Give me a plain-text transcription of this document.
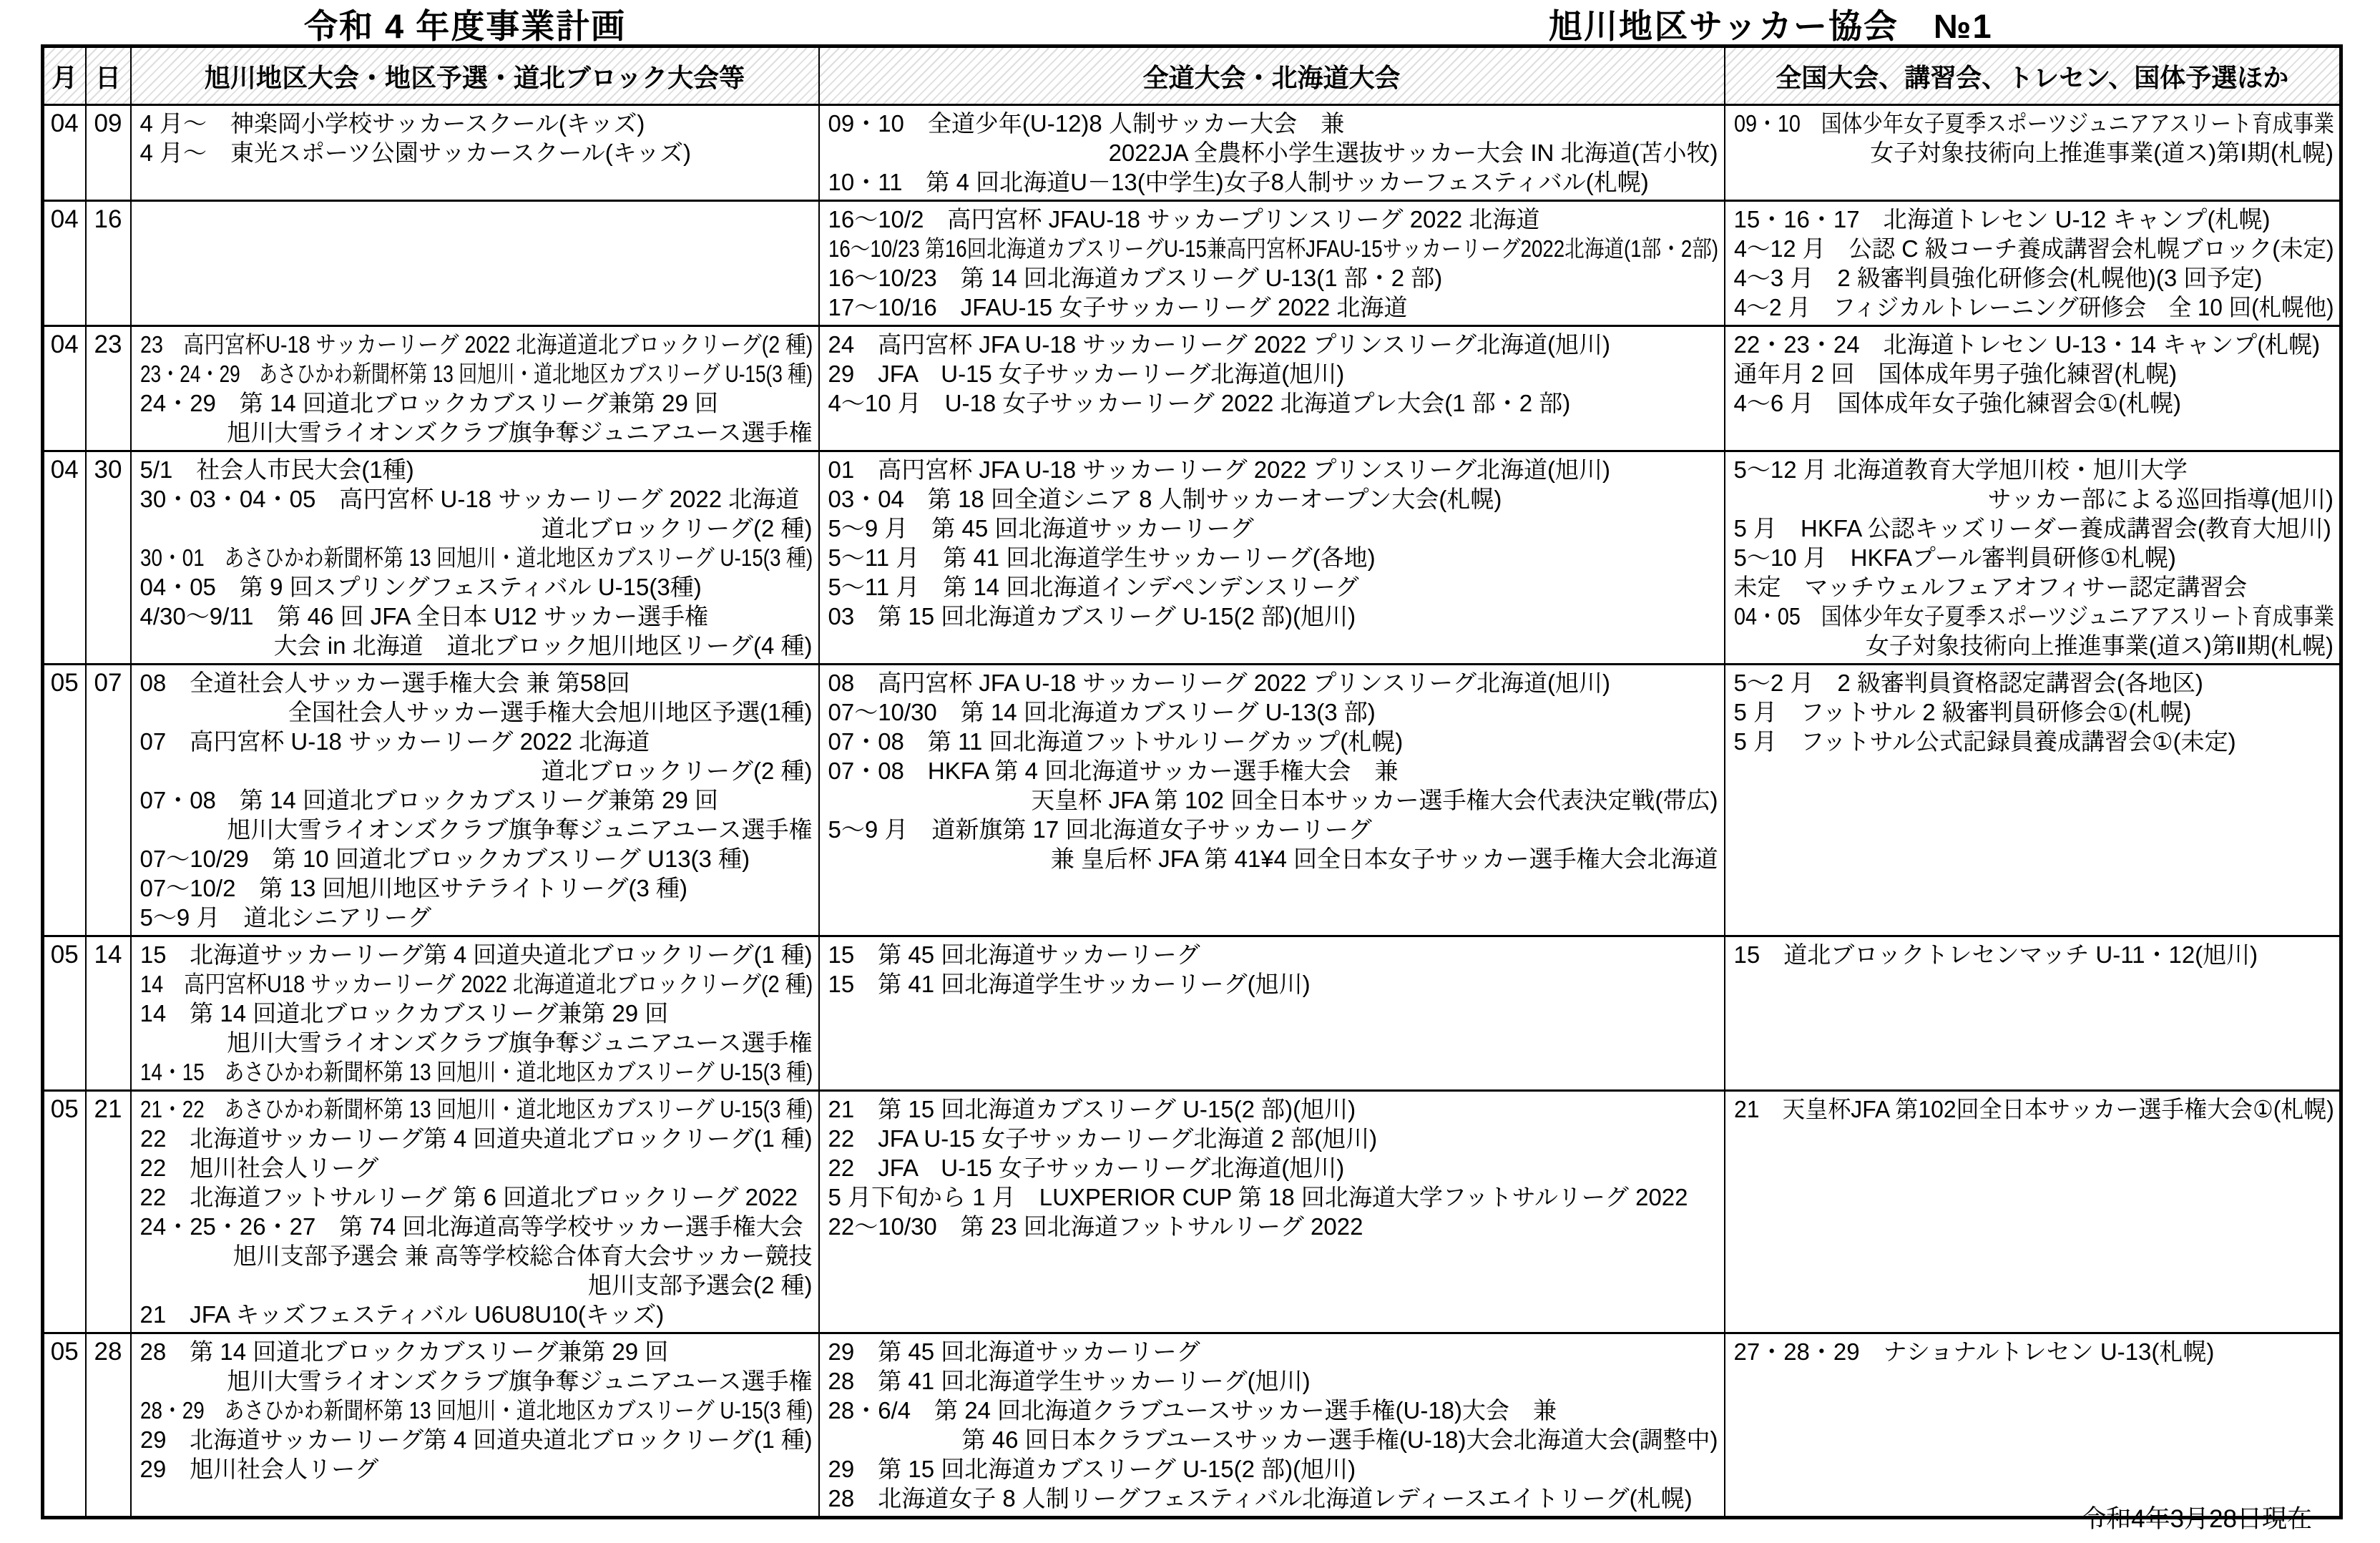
令和 4 年度事業計画	旭川地区サッカー協会　№1
月	日	旭川地区大会・地区予選・道北ブロック大会等	全道大会・北海道大会	全国大会、講習会、トレセン、国体予選ほか
04	09	4 月～　神楽岡小学校サッカースクール(キッズ)
4 月～　東光スポーツ公園サッカースクール(キッズ)

09・10　全道少年(U-12)8 人制サッカー大会　兼
2022JA 全農杯小学生選抜サッカー大会 IN 北海道(苫小牧)
10・11　第 4 回北海道U－13(中学生)女子8人制サッカーフェスティバル(札幌)

09・10　国体少年女子夏季スポーツジュニアアスリート育成事業
女子対象技術向上推進事業(道ス)第Ⅰ期(札幌)

04	16		16～10/2　高円宮杯 JFAU-18 サッカープリンスリーグ 2022 北海道
16～10/23 第16回北海道カブスリーグU-15兼高円宮杯JFAU-15サッカーリーグ2022北海道(1部・2部)
16～10/23　第 14 回北海道カブスリーグ U-13(1 部・2 部)
17～10/16　JFAU-15 女子サッカーリーグ 2022 北海道

15・16・17　北海道トレセン U-12 キャンプ(札幌)
4～12 月　公認 C 級コーチ養成講習会札幌ブロック(未定)
4～3 月　2 級審判員強化研修会(札幌他)(3 回予定)
4～2 月　フィジカルトレーニング研修会　全 10 回(札幌他)

04	23	23　高円宮杯U-18 サッカーリーグ 2022 北海道道北ブロックリーグ(2 種)
23・24・29　あさひかわ新聞杯第 13 回旭川・道北地区カブスリーグ U-15(3 種)
24・29　第 14 回道北ブロックカブスリーグ兼第 29 回
旭川大雪ライオンズクラブ旗争奪ジュニアユース選手権

24　高円宮杯 JFA U-18 サッカーリーグ 2022 プリンスリーグ北海道(旭川)
29　JFA　U-15 女子サッカーリーグ北海道(旭川)
4～10 月　U-18 女子サッカーリーグ 2022 北海道プレ大会(1 部・2 部)

22・23・24　北海道トレセン U-13・14 キャンプ(札幌)
通年月 2 回　国体成年男子強化練習(札幌)
4～6 月　国体成年女子強化練習会①(札幌)

04	30	5/1　社会人市民大会(1種)
30・03・04・05　高円宮杯 U-18 サッカーリーグ 2022 北海道
道北ブロックリーグ(2 種)
30・01　あさひかわ新聞杯第 13 回旭川・道北地区カブスリーグ U-15(3 種)
04・05　第 9 回スプリングフェスティバル U-15(3種)
4/30～9/11　第 46 回 JFA 全日本 U12 サッカー選手権
大会 in 北海道　道北ブロック旭川地区リーグ(4 種)

01　高円宮杯 JFA U-18 サッカーリーグ 2022 プリンスリーグ北海道(旭川)
03・04　第 18 回全道シニア 8 人制サッカーオープン大会(札幌)
5～9 月　第 45 回北海道サッカーリーグ
5～11 月　第 41 回北海道学生サッカーリーグ(各地)
5～11 月　第 14 回北海道インデペンデンスリーグ
03　第 15 回北海道カブスリーグ U-15(2 部)(旭川)

5～12 月 北海道教育大学旭川校・旭川大学
サッカー部による巡回指導(旭川)
5 月　HKFA 公認キッズリーダー養成講習会(教育大旭川)
5～10 月　HKFAプール審判員研修①札幌)
未定　マッチウェルフェアオフィサー認定講習会
04・05　国体少年女子夏季スポーツジュニアアスリート育成事業
女子対象技術向上推進事業(道ス)第Ⅱ期(札幌)

05	07	08　全道社会人サッカー選手権大会 兼 第58回
全国社会人サッカー選手権大会旭川地区予選(1種)
07　高円宮杯 U-18 サッカーリーグ 2022 北海道
道北ブロックリーグ(2 種)
07・08　第 14 回道北ブロックカブスリーグ兼第 29 回
旭川大雪ライオンズクラブ旗争奪ジュニアユース選手権
07～10/29　第 10 回道北ブロックカブスリーグ U13(3 種)
07～10/2　第 13 回旭川地区サテライトリーグ(3 種)
5～9 月　道北シニアリーグ

08　高円宮杯 JFA U-18 サッカーリーグ 2022 プリンスリーグ北海道(旭川)
07～10/30　第 14 回北海道カブスリーグ U-13(3 部)
07・08　第 11 回北海道フットサルリーグカップ(札幌)
07・08　HKFA 第 4 回北海道サッカー選手権大会　兼
天皇杯 JFA 第 102 回全日本サッカー選手権大会代表決定戦(帯広)
5～9 月　道新旗第 17 回北海道女子サッカーリーグ
兼 皇后杯 JFA 第 41¥4 回全日本女子サッカー選手権大会北海道

5～2 月　2 級審判員資格認定講習会(各地区)
5 月　フットサル 2 級審判員研修会①(札幌)
5 月　フットサル公式記録員養成講習会①(未定)

05	14	15　北海道サッカーリーグ第 4 回道央道北ブロックリーグ(1 種)
14　高円宮杯U18 サッカーリーグ 2022 北海道道北ブロックリーグ(2 種)
14　第 14 回道北ブロックカブスリーグ兼第 29 回
旭川大雪ライオンズクラブ旗争奪ジュニアユース選手権
14・15　あさひかわ新聞杯第 13 回旭川・道北地区カブスリーグ U-15(3 種)

15　第 45 回北海道サッカーリーグ
15　第 41 回北海道学生サッカーリーグ(旭川)

15　道北ブロックトレセンマッチ U-11・12(旭川)

05	21	21・22　あさひかわ新聞杯第 13 回旭川・道北地区カブスリーグ U-15(3 種)
22　北海道サッカーリーグ第 4 回道央道北ブロックリーグ(1 種)
22　旭川社会人リーグ
22　北海道フットサルリーグ 第 6 回道北ブロックリーグ 2022
24・25・26・27　第 74 回北海道高等学校サッカー選手権大会
旭川支部予選会 兼 高等学校総合体育大会サッカー競技
旭川支部予選会(2 種)
21　JFA キッズフェスティバル U6U8U10(キッズ)

21　第 15 回北海道カブスリーグ U-15(2 部)(旭川)
22　JFA U-15 女子サッカーリーグ北海道 2 部(旭川)
22　JFA　U-15 女子サッカーリーグ北海道(旭川)
5 月下旬から 1 月　LUXPERIOR CUP 第 18 回北海道大学フットサルリーグ 2022
22～10/30　第 23 回北海道フットサルリーグ 2022

21　天皇杯JFA 第102回全日本サッカー選手権大会①(札幌)

05	28	28　第 14 回道北ブロックカブスリーグ兼第 29 回
旭川大雪ライオンズクラブ旗争奪ジュニアユース選手権
28・29　あさひかわ新聞杯第 13 回旭川・道北地区カブスリーグ U-15(3 種)
29　北海道サッカーリーグ第 4 回道央道北ブロックリーグ(1 種)
29　旭川社会人リーグ

29　第 45 回北海道サッカーリーグ
28　第 41 回北海道学生サッカーリーグ(旭川)
28・6/4　第 24 回北海道クラブユースサッカー選手権(U-18)大会　兼
第 46 回日本クラブユースサッカー選手権(U-18)大会北海道大会(調整中)
29　第 15 回北海道カブスリーグ U-15(2 部)(旭川)
28　北海道女子 8 人制リーグフェスティバル北海道レディースエイトリーグ(札幌)

27・28・29　ナショナルトレセン U-13(札幌)
令和4年3月28日現在
